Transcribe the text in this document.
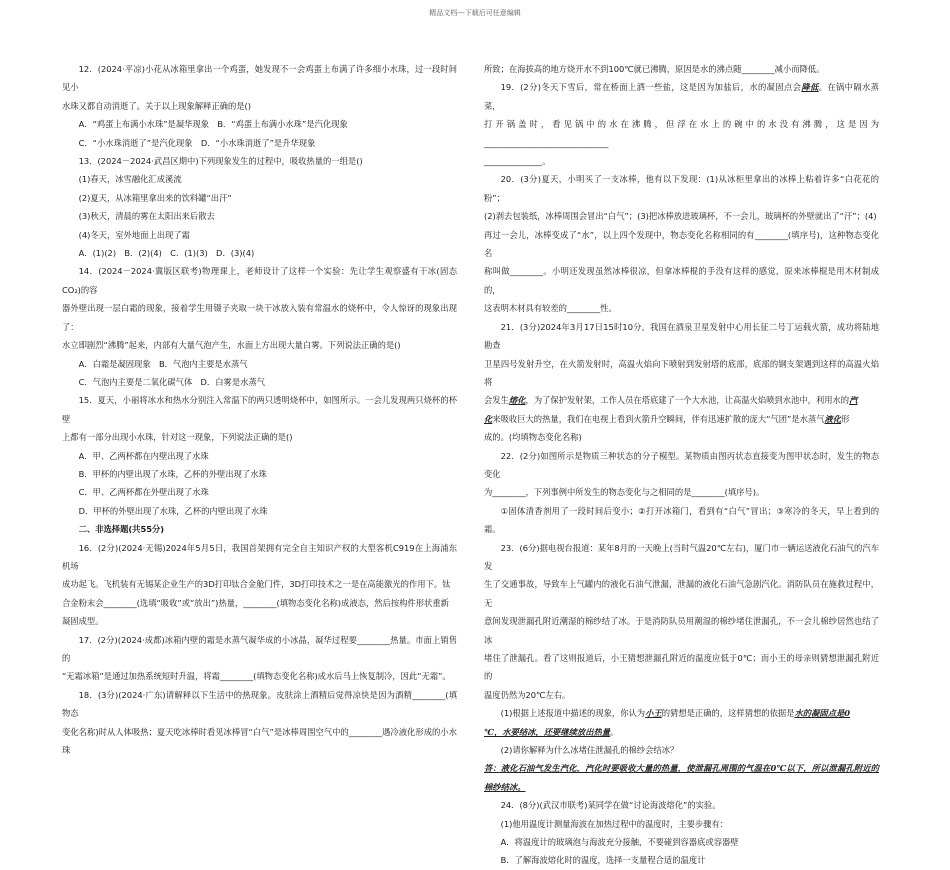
精品文档---下载后可任意编辑

12．(2024·平凉)小花从冰箱里拿出一个鸡蛋，她发现不一会鸡蛋上布满了许多细小水珠，过一段时间见小

水珠又都自动消逝了。关于以上现象解释正确的是()

A．“鸡蛋上布满小水珠”是凝华现象　B．“鸡蛋上布满小水珠”是汽化现象

C．“小水珠消逝了”是汽化现象　D．“小水珠消逝了”是升华现象

13．(2024－2024·武昌区期中)下列现象发生的过程中，吸收热量的一组是()

(1)春天，冰雪融化汇成溪流

(2)夏天，从冰箱里拿出来的饮料罐“出汗”

(3)秋天，清晨的雾在太阳出来后散去

(4)冬天，室外地面上出现了霜

A．(1)(2)　B．(2)(4)　C．(1)(3)　D．(3)(4)

14．(2024－2024·冀版区联考)物理课上，老师设计了这样一个实验：先让学生观察盛有干冰(固态CO₂)的容

器外壁出现一层白霜的现象，接着学生用镊子夹取一块干冰放入装有常温水的烧杯中，令人惊讶的现象出现了：

水立即剧烈“沸腾”起来，内部有大量气泡产生，水面上方出现大量白雾。下列说法正确的是()

A．白霜是凝固现象　B．气泡内主要是水蒸气

C．气泡内主要是二氧化碳气体　D．白雾是水蒸气

15．夏天，小丽将冰水和热水分别注入常温下的两只透明烧杯中，如图所示。一会儿发现两只烧杯的杯壁

上都有一部分出现小水珠，针对这一现象，下列说法正确的是()

A．甲、乙两杯都在内壁出现了水珠

B．甲杯的内壁出现了水珠，乙杯的外壁出现了水珠

C．甲、乙两杯都在外壁出现了水珠

D．甲杯的外壁出现了水珠，乙杯的内壁出现了水珠

二、非选择题(共55分)

16．(2分)(2024·无锡)2024年5月5日，我国首架拥有完全自主知识产权的大型客机C919在上海浦东机场

成功起飞。飞机装有无锡某企业生产的3D打印钛合金舱门件，3D打印技术之一是在高能激光的作用下。钛

合金粉末会________(选填“吸收”或“放出”)热量，________(填物态变化名称)成液态，然后按构件形状重新

凝固成型。

17．(2分)(2024·成都)冰箱内壁的霜是水蒸气凝华成的小冰晶，凝华过程要________热量。市面上销售的

“无霜冰箱”是通过加热系统短时升温，将霜________(填物态变化名称)成水后马上恢复制冷，因此“无霜”。

18．(3分)(2024·广东)请解释以下生活中的热现象。皮肤涂上酒精后觉得凉快是因为酒精________(填物态

变化名称)时从人体吸热；夏天吃冰棒时看见冰棒冒“白气”是冰棒周围空气中的________遇冷液化形成的小水珠

所致；在海拔高的地方烧开水不到100℃就已沸腾，原因是水的沸点随________减小而降低。

19．(2分)冬天下雪后，常在桥面上洒一些盐，这是因为加盐后，水的凝固点会降低。在锅中隔水蒸菜，

打开锅盖时，看见锅中的水在沸腾，但浮在水上的碗中的水没有沸腾，这是因为______________________________

______________。

20．(3分)夏天，小明买了一支冰棒，他有以下发现：(1)从冰柜里拿出的冰棒上粘着许多“白花花的粉”；

(2)剥去包装纸，冰棒周围会冒出“白气”；(3)把冰棒放进玻璃杯，不一会儿，玻璃杯的外壁就出了“汗”；(4)

再过一会儿，冰棒变成了“水”，以上四个发现中，物态变化名称相同的有________(填序号)，这种物态变化名

称叫做________。小明还发现虽然冰棒很凉，但拿冰棒棍的手没有这样的感觉，原来冰棒棍是用木材制成的，

这表明木材具有较差的________性。

21．(3分)2024年3月17日15时10分，我国在酒泉卫星发射中心用长征二号丁运载火箭，成功将陆地勘查

卫星四号发射升空，在火箭发射时，高温火焰向下喷射到发射塔的底部，底部的钢支架遇到这样的高温火焰将

会发生熔化，为了保护发射架，工作人员在塔底建了一个大水池，让高温火焰喷到水池中，利用水的汽

化来吸收巨大的热量，我们在电视上看到火箭升空瞬间，伴有迅速扩散的庞大“气团”是水蒸气液化形

成的。(均填物态变化名称)

22．(2分)如图所示是物质三种状态的分子模型。某物质由图丙状态直接变为图甲状态时，发生的物态变化

为________，下列事例中所发生的物态变化与之相同的是________(填序号)。

①固体清香剂用了一段时间后变小；②打开冰箱门，看到有“白气”冒出；③寒冷的冬天，早上看到的霜。

23．(6分)据电视台报道：某年8月的一天晚上(当时气温20℃左右)，厦门市一辆运送液化石油气的汽车发

生了交通事故，导致车上气罐内的液化石油气泄漏，泄漏的液化石油气急剧汽化。消防队员在施救过程中，无

意间发现泄漏孔附近潮湿的棉纱结了冰。于是消防队员用潮湿的棉纱堵住泄漏孔，不一会儿棉纱居然也结了冰

堵住了泄漏孔。看了这则报道后，小王猜想泄漏孔附近的温度应低于0℃；而小王的母亲则猜想泄漏孔附近的

温度仍然为20℃左右。

(1)根据上述报道中描述的现象，你认为小王的猜想是正确的，这样猜想的依据是水的凝固点是0

℃，水要结冰，还要继续放出热量。

(2)请你解释为什么冰堵住泄漏孔的棉纱会结冰？

答：液化石油气发生汽化，汽化时要吸收大量的热量，使泄漏孔周围的气温在0℃以下，所以泄漏孔附近的棉纱结冰。

24．(8分)(武汉市联考)某同学在做“讨论海波熔化”的实验。

(1)他用温度计测量海波在加热过程中的温度时，主要步骤有：

A．将温度计的玻璃泡与海波充分接触，不要碰到容器底或容器壁

B．了解海波熔化时的温度，选择一支量程合适的温度计
